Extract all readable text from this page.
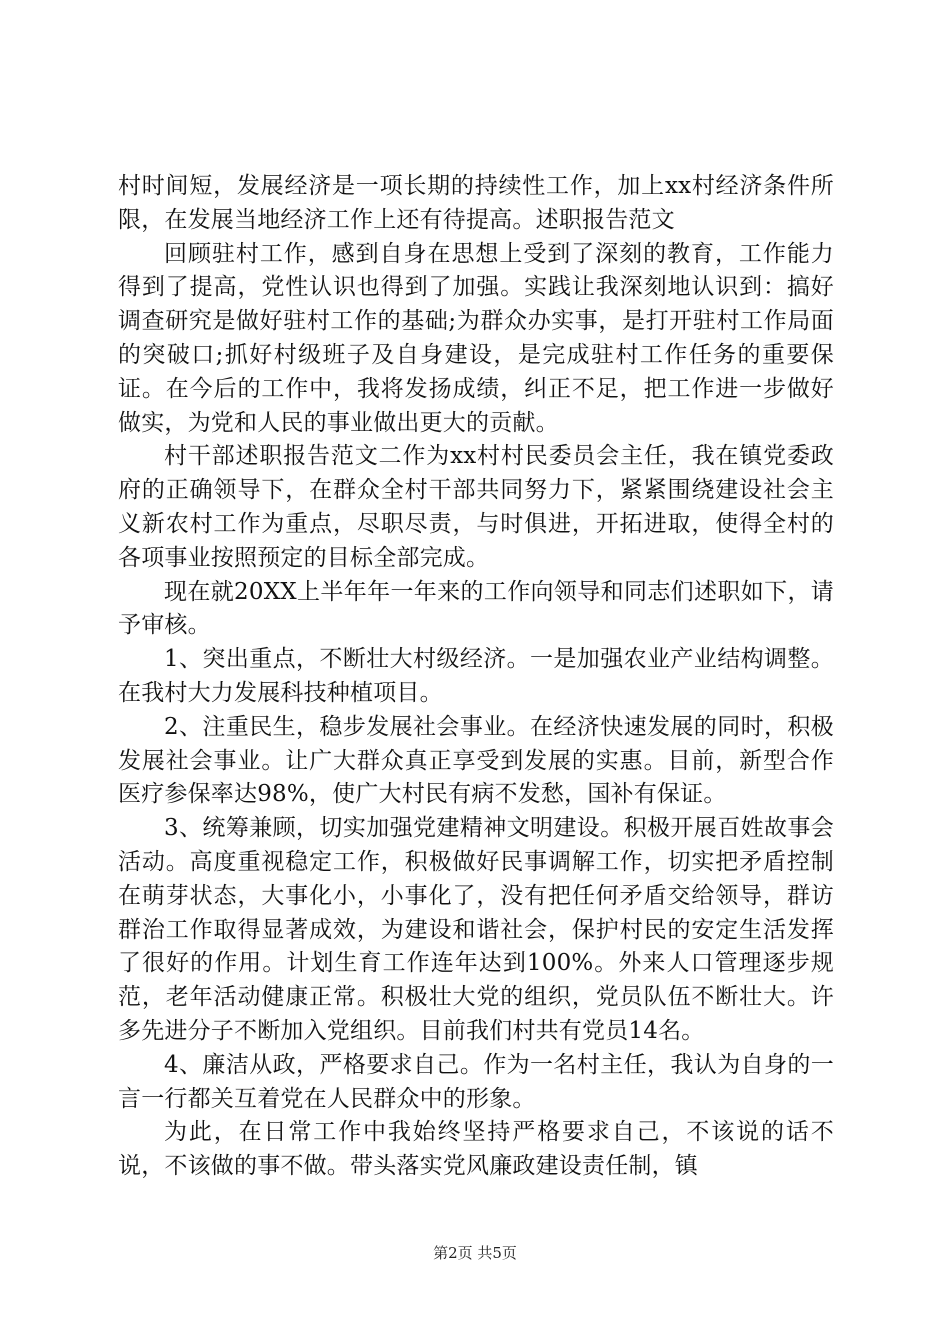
村时间短，发展经济是一项长期的持续性工作，加上xx村经济条件所限，在发展当地经济工作上还有待提高。述职报告范文

回顾驻村工作，感到自身在思想上受到了深刻的教育，工作能力得到了提高，党性认识也得到了加强。实践让我深刻地认识到：搞好调查研究是做好驻村工作的基础;为群众办实事，是打开驻村工作局面的突破口;抓好村级班子及自身建设，是完成驻村工作任务的重要保证。在今后的工作中，我将发扬成绩，纠正不足，把工作进一步做好做实，为党和人民的事业做出更大的贡献。

村干部述职报告范文二作为xx村村民委员会主任，我在镇党委政府的正确领导下，在群众全村干部共同努力下，紧紧围绕建设社会主义新农村工作为重点，尽职尽责，与时俱进，开拓进取，使得全村的各项事业按照预定的目标全部完成。

现在就20XX上半年年一年来的工作向领导和同志们述职如下，请予审核。

1、突出重点，不断壮大村级经济。一是加强农业产业结构调整。在我村大力发展科技种植项目。

2、注重民生，稳步发展社会事业。在经济快速发展的同时，积极发展社会事业。让广大群众真正享受到发展的实惠。目前，新型合作医疗参保率达98%，使广大村民有病不发愁，国补有保证。

3、统筹兼顾，切实加强党建精神文明建设。积极开展百姓故事会活动。高度重视稳定工作，积极做好民事调解工作，切实把矛盾控制在萌芽状态，大事化小，小事化了，没有把任何矛盾交给领导，群访群治工作取得显著成效，为建设和谐社会，保护村民的安定生活发挥了很好的作用。计划生育工作连年达到100%。外来人口管理逐步规范，老年活动健康正常。积极壮大党的组织，党员队伍不断壮大。许多先进分子不断加入党组织。目前我们村共有党员14名。

4、廉洁从政，严格要求自己。作为一名村主任，我认为自身的一言一行都关互着党在人民群众中的形象。

为此，在日常工作中我始终坚持严格要求自己，不该说的话不说，不该做的事不做。带头落实党风廉政建设责任制，镇

第2页 共5页
